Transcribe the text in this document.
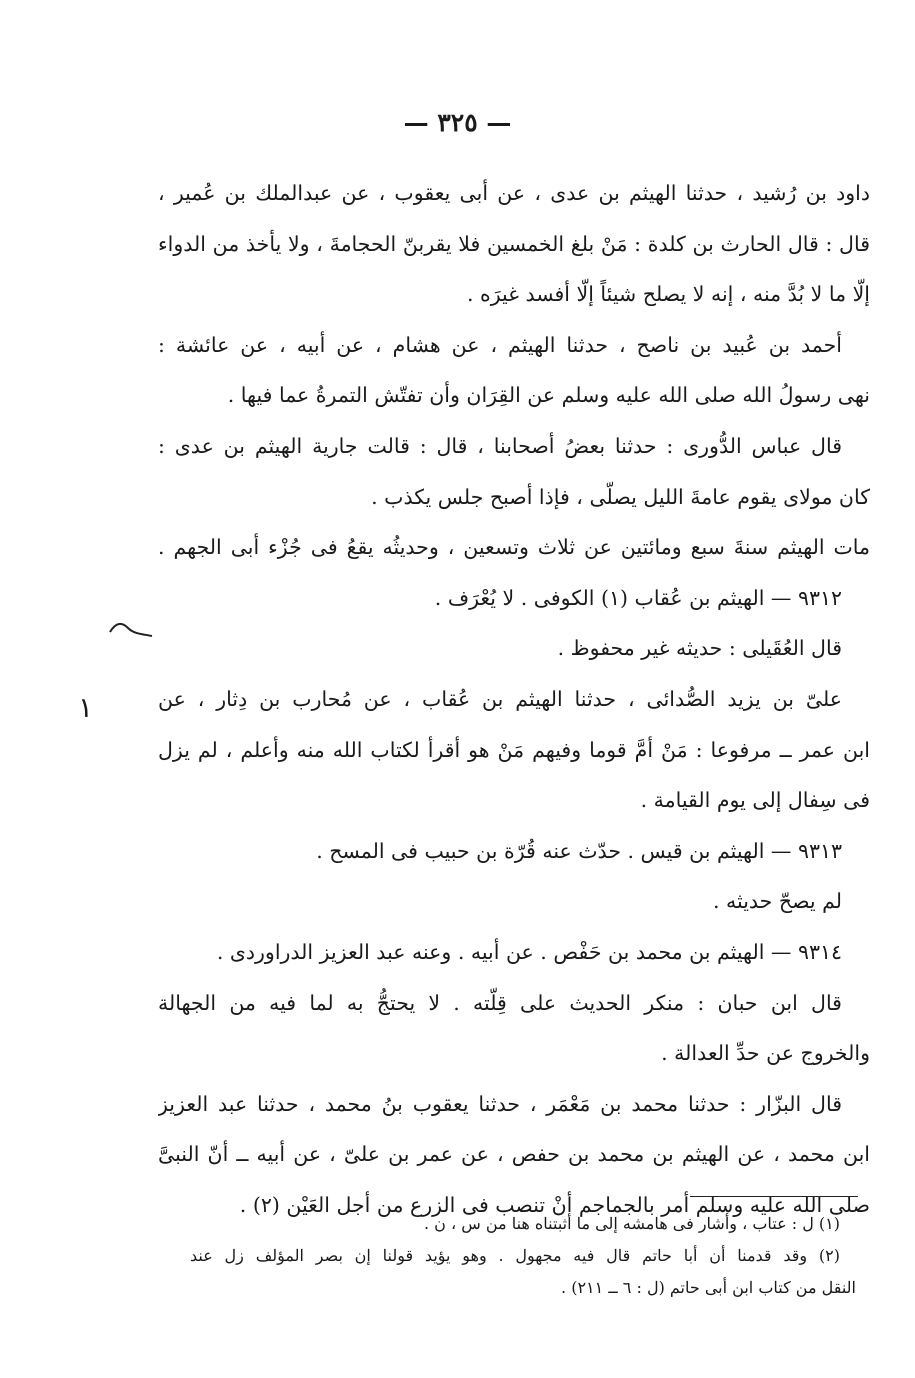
— ٣٢٥ —
داود بن رُشيد ، حدثنا الهيثم بن عدى ، عن أبى يعقوب ، عن عبدالملك بن عُمير ،
قال : قال الحارث بن كلدة : مَنْ بلغ الخمسين فلا يقربنّ الحجامةَ ، ولا يأخذ من الدواء
إلّا ما لا بُدَّ منه ، إنه لا يصلح شيئاً إلّا أفسد غيرَه .
أحمد بن عُبيد بن ناصح ، حدثنا الهيثم ، عن هشام ، عن أبيه ، عن عائشة :
نهى رسولُ الله صلى الله عليه وسلم عن القِرَان وأن تفتّش التمرةُ عما فيها .
قال عباس الدُّورى : حدثنا بعضُ أصحابنا ، قال : قالت جارية الهيثم بن عدى :
كان مولاى يقوم عامةَ الليل يصلّى ، فإذا أصبح جلس يكذب .
مات الهيثم سنةَ سبع ومائتين عن ثلاث وتسعين ، وحديثُه يقعُ فى جُزْء أبى الجهم .
٩٣١٢ — الهيثم بن عُقاب (١) الكوفى . لا يُعْرَف .
قال العُقَيلى : حديثه غير محفوظ .
علىّ بن يزيد الصُّدائى ، حدثنا الهيثم بن عُقاب ، عن مُحارب بن دِثار ، عن
ابن عمر ــ مرفوعا : مَنْ أمَّ قوما وفيهم مَنْ هو أقرأ لكتاب الله منه وأعلم ، لم يزل
فى سِفال إلى يوم القيامة .
٩٣١٣ — الهيثم بن قيس . حدّث عنه قُرّة بن حبيب فى المسح .
لم يصحّ حديثه .
٩٣١٤ — الهيثم بن محمد بن حَفْص . عن أبيه . وعنه عبد العزيز الدراوردى .
قال ابن حبان : منكر الحديث على قِلّته . لا يحتجُّ به لما فيه من الجهالة
والخروج عن حدِّ العدالة .
قال البزّار : حدثنا محمد بن مَعْمَر ، حدثنا يعقوب بنُ محمد ، حدثنا عبد العزيز
ابن محمد ، عن الهيثم بن محمد بن حفص ، عن عمر بن علىّ ، عن أبيه ــ أنّ النبىَّ
صلى الله عليه وسلم أمر بالجماجم أنْ تنصب فى الزرع من أجل العَيْن (٢) .
(١) ل : عتاب ، وأشار فى هامشه إلى ما أثبتناه هنا من س ، ن .
(٢) وقد قدمنا أن أبا حاتم قال فيه مجهول . وهو يؤيد قولنا إن بصر المؤلف زل عند
النقل من كتاب ابن أبى حاتم (ل : ٦ ــ ٢١١) .
١
